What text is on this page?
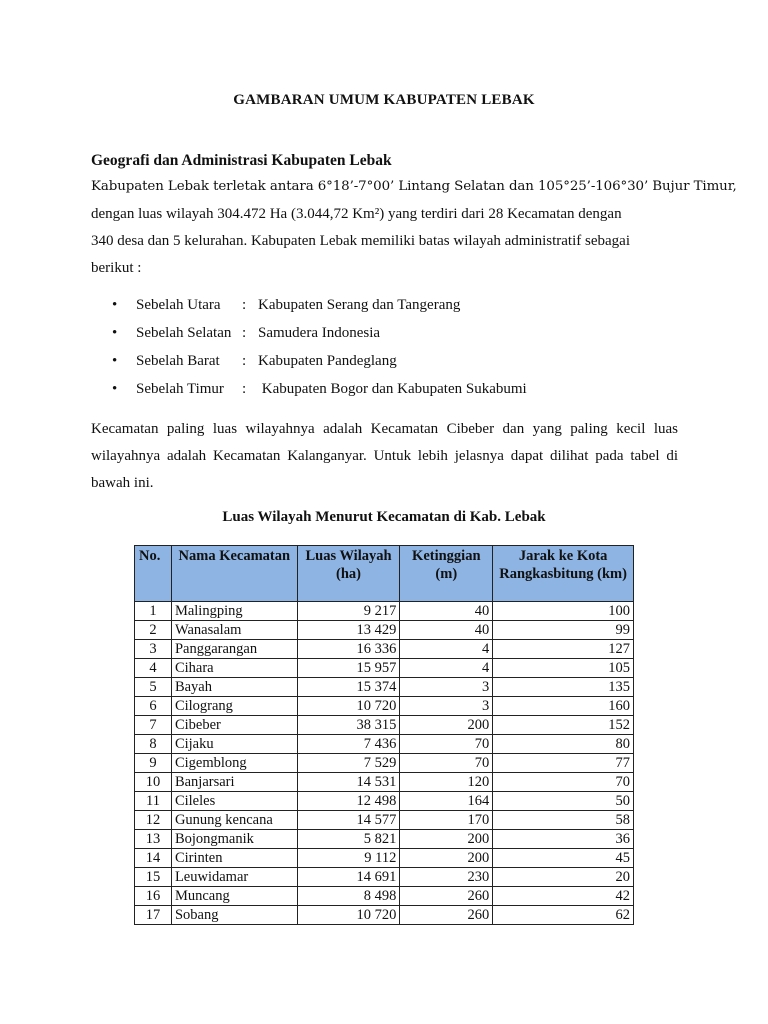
GAMBARAN UMUM KABUPATEN LEBAK
Geografi dan Administrasi Kabupaten Lebak
Kabupaten Lebak terletak antara 6°18’-7°00’ Lintang Selatan dan 105°25’-106°30’ Bujur Timur,
dengan luas wilayah 304.472 Ha (3.044,72 Km²) yang terdiri dari 28 Kecamatan dengan
340 desa dan 5 kelurahan. Kabupaten Lebak memiliki batas wilayah administratif sebagai
berikut :
• Sebelah Utara : Kabupaten Serang dan Tangerang
• Sebelah Selatan : Samudera Indonesia
• Sebelah Barat : Kabupaten Pandeglang
• Sebelah Timur : Kabupaten Bogor dan Kabupaten Sukabumi
Kecamatan paling luas wilayahnya adalah Kecamatan Cibeber dan yang paling kecil luas wilayahnya adalah Kecamatan Kalanganyar. Untuk lebih jelasnya dapat dilihat pada tabel di bawah ini.
Luas Wilayah Menurut Kecamatan di Kab. Lebak
No.	Nama Kecamatan	Luas Wilayah (ha)	Ketinggian (m)	Jarak ke Kota Rangkasbitung (km)
1	Malingping	9 217	40	100
2	Wanasalam	13 429	40	99
3	Panggarangan	16 336	4	127
4	Cihara	15 957	4	105
5	Bayah	15 374	3	135
6	Cilograng	10 720	3	160
7	Cibeber	38 315	200	152
8	Cijaku	7 436	70	80
9	Cigemblong	7 529	70	77
10	Banjarsari	14 531	120	70
11	Cileles	12 498	164	50
12	Gunung kencana	14 577	170	58
13	Bojongmanik	5 821	200	36
14	Cirinten	9 112	200	45
15	Leuwidamar	14 691	230	20
16	Muncang	8 498	260	42
17	Sobang	10 720	260	62
